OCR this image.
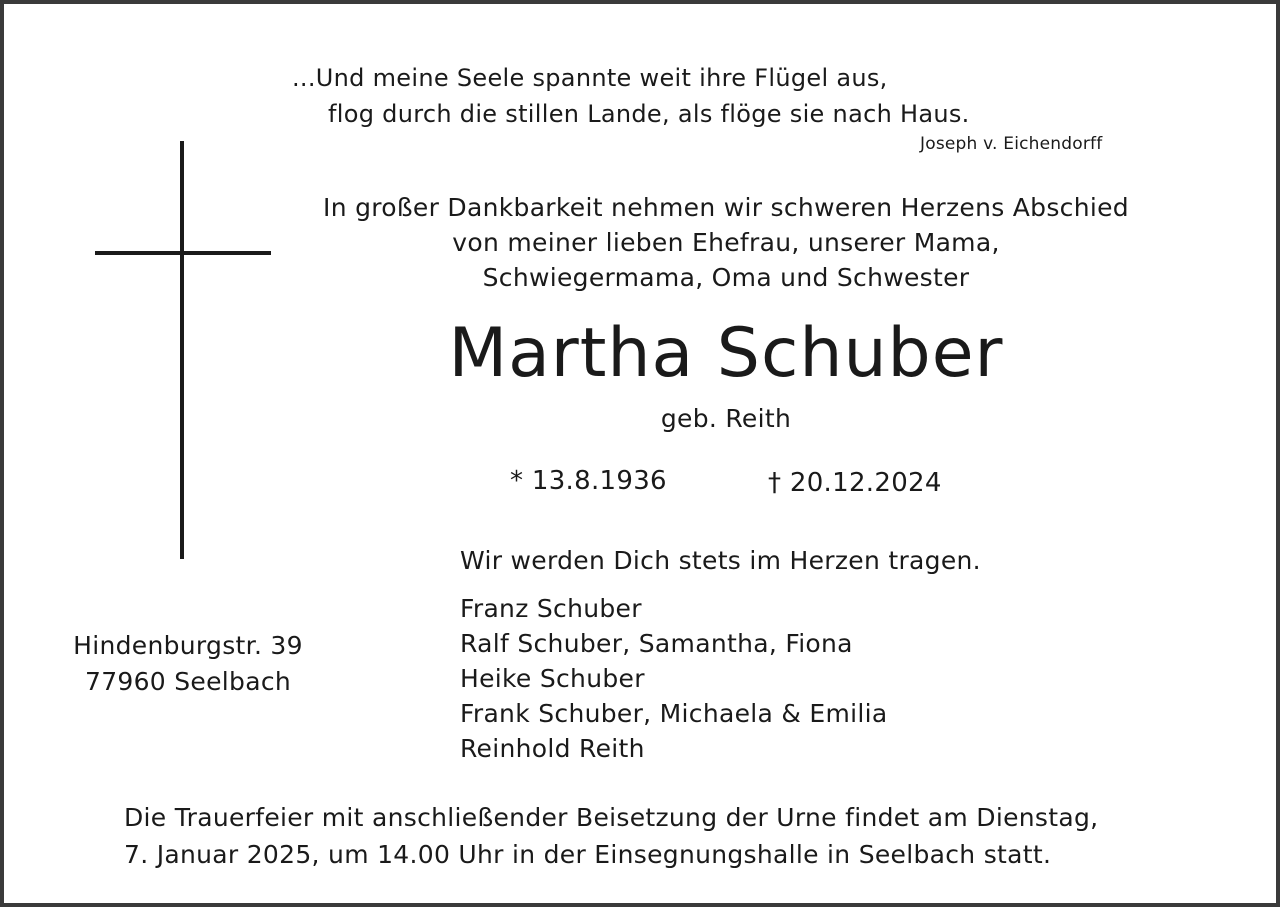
...Und meine Seele spannte weit ihre Flügel aus,
flog durch die stillen Lande, als flöge sie nach Haus.
Joseph v. Eichendorff
In großer Dankbarkeit nehmen wir schweren Herzens Abschied
von meiner lieben Ehefrau, unserer Mama,
Schwiegermama, Oma und Schwester
Martha Schuber
geb. Reith
* 13.8.1936	† 20.12.2024
Wir werden Dich stets im Herzen tragen.
Franz Schuber
Ralf Schuber, Samantha, Fiona
Heike Schuber
Frank Schuber, Michaela & Emilia
Reinhold Reith
Hindenburgstr. 39
77960 Seelbach
Die Trauerfeier mit anschließender Beisetzung der Urne findet am Dienstag,
7. Januar 2025, um 14.00 Uhr in der Einsegnungshalle in Seelbach statt.
